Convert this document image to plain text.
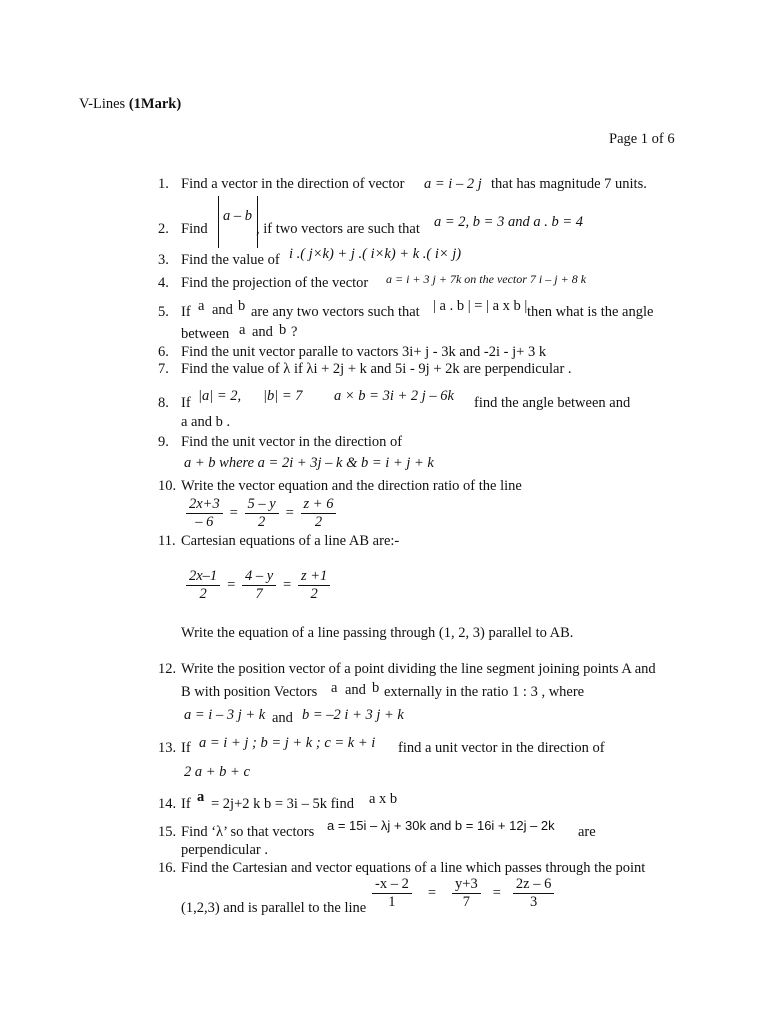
V-Lines (1Mark)
Page 1 of 6
1. Find a vector in the direction of vector a = i – 2 j that has magnitude 7 units.
2. Find
a – b
, if two vectors are such that a = 2, b = 3 and a . b = 4
3. Find the value of i .( j×k) + j .( i×k) + k .( i× j)
4. Find the projection of the vector a = i + 3 j + 7k on the vector 7 i – j + 8 k
5. If a and b are any two vectors such that | a . b | = | a x b | then what is the angle
between a and b ?
6. Find the unit vector paralle to vactors 3i+ j - 3k and -2i - j+ 3 k
7. Find the value of λ if λi + 2j + k and 5i - 9j + 2k are perpendicular .
8. If |a| = 2, |b| = 7 a × b = 3i + 2 j – 6k find the angle between and
a and b .
9. Find the unit vector in the direction of
a + b where a = 2i + 3j – k & b = i + j + k
10. Write the vector equation and the direction ratio of the line
$\frac{2x+3}{- 6} = \frac{5 - y}{2} = \frac{z + 6}{2}$
11. Cartesian equations of a line AB are:-
$\frac{2x-1}{2} = \frac{4 - y}{7} = \frac{z +1}{2}$
Write the equation of a line passing through (1, 2, 3) parallel to AB.
12. Write the position vector of a point dividing the line segment joining points A and
B with position Vectors a and b externally in the ratio 1 : 3 , where
a = i – 3 j + k and b = –2 i + 3 j + k
13. If a = i + j ; b = j + k ; c = k + i find a unit vector in the direction of
2 a + b + c
14. If a = 2j+2 k b = 3i – 5k find a x b
15. Find ‘λ’ so that vectors a = 15i – λj + 30k and b = 16i + 12j – 2k are
perpendicular .
16. Find the Cartesian and vector equations of a line which passes through the point
(1,2,3) and is parallel to the line $\frac{-x - 2}{1} = \frac{y+3}{7} = \frac{2z - 6}{3}$
